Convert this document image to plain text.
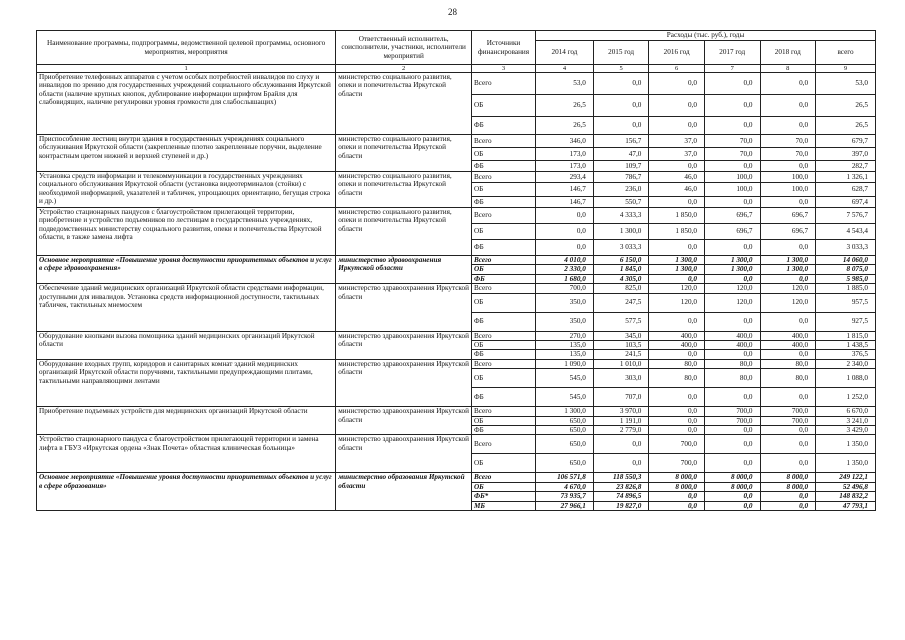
28
Наименование программы, подпрограммы, ведомственной целевой программы, основного мероприятия, мероприятия	Ответственный исполнитель, соисполнители, участники, исполнители мероприятий	Источники финансирования	Расходы (тыс. руб.), годы					
			2014 год	2015 год	2016 год	2017 год	2018 год	всего
1	2	3	4	5	6	7	8	9
Приобретение телефонных аппаратов с учетом особых потребностей инвалидов по слуху и инвалидов по зрению для государственных учреждений социального обслуживания Иркутской области (наличие крупных кнопок, дублирование информации шрифтом Брайля для слабовидящих, наличие регулировки уровня громкости для слабослышащих)	министерство социального развития, опеки и попечительства Иркутской области	Всего	53,0	0,0	0,0	0,0	0,0	53,0
		ОБ	26,5	0,0	0,0	0,0	0,0	26,5
		ФБ	26,5	0,0	0,0	0,0	0,0	26,5
Приспособление лестниц внутри здания в государственных учреждениях социального обслуживания Иркутской области (закрепленные плотно закрепленные поручни, выделение контрастным цветом нижней и верхней ступеней и др.)	министерство социального развития, опеки и попечительства Иркутской области	Всего	346,0	156,7	37,0	70,0	70,0	679,7
		ОБ	173,0	47,0	37,0	70,0	70,0	397,0
		ФБ	173,0	109,7	0,0	0,0	0,0	282,7
Установка средств информации и телекоммуникации в государственных учреждениях социального обслуживания Иркутской области (установка видеотерминалов (стойки) с необходимой информацией, указателей и табличек, упрощающих ориентацию, бегущая строка и др.)	министерство социального развития, опеки и попечительства Иркутской области	Всего	293,4	786,7	46,0	100,0	100,0	1 326,1
		ОБ	146,7	236,0	46,0	100,0	100,0	628,7
		ФБ	146,7	550,7	0,0	0,0	0,0	697,4
Устройство стационарных пандусов с благоустройством прилегающей территории, приобретение и устройство подъемников по лестницам в государственных учреждениях, подведомственных министерству социального развития, опеки и попечительства Иркутской области, в также замена лифта	министерство социального развития, опеки и попечительства Иркутской области	Всего	0,0	4 333,3	1 850,0	696,7	696,7	7 576,7
		ОБ	0,0	1 300,0	1 850,0	696,7	696,7	4 543,4
		ФБ	0,0	3 033,3	0,0	0,0	0,0	3 033,3
Основное мероприятие «Повышение уровня доступности приоритетных объектов и услуг в сфере здравоохранения»	министерство здравоохранения Иркутской области	Всего	4 010,0	6 150,0	1 300,0	1 300,0	1 300,0	14 060,0
		ОБ	2 330,0	1 845,0	1 300,0	1 300,0	1 300,0	8 075,0
		ФБ	1 680,0	4 305,0	0,0	0,0	0,0	5 985,0
Обеспечение зданий медицинских организаций Иркутской области средствами информации, доступными для инвалидов. Установка средств информационной доступности, тактильных табличек, тактильных мнемосхем	министерство здравоохранения Иркутской области	Всего	700,0	825,0	120,0	120,0	120,0	1 885,0
		ОБ	350,0	247,5	120,0	120,0	120,0	957,5
		ФБ	350,0	577,5	0,0	0,0	0,0	927,5
Оборудование кнопками вызова помощника зданий медицинских организаций Иркутской области	министерство здравоохранения Иркутской области	Всего	270,0	345,0	400,0	400,0	400,0	1 815,0
		ОБ	135,0	103,5	400,0	400,0	400,0	1 438,5
		ФБ	135,0	241,5	0,0	0,0	0,0	376,5
Оборудование входных групп, коридоров и санитарных комнат зданий медицинских организаций Иркутской области поручнями, тактильными предупреждающими плитами, тактильными направляющими лентами	министерство здравоохранения Иркутской области	Всего	1 090,0	1 010,0	80,0	80,0	80,0	2 340,0
		ОБ	545,0	303,0	80,0	80,0	80,0	1 088,0
		ФБ	545,0	707,0	0,0	0,0	0,0	1 252,0
Приобретение подъемных устройств для медицинских организаций Иркутской области	министерство здравоохранения Иркутской области	Всего	1 300,0	3 970,0	0,0	700,0	700,0	6 670,0
		ОБ	650,0	1 191,0	0,0	700,0	700,0	3 241,0
		ФБ	650,0	2 779,0	0,0	0,0	0,0	3 429,0
Устройство стационарного пандуса с благоустройством прилегающей территории и замена лифта в ГБУЗ «Иркутская ордена «Знак Почета» областная клиническая больница»	министерство здравоохранения Иркутской области	Всего	650,0	0,0	700,0	0,0	0,0	1 350,0
		ОБ	650,0	0,0	700,0	0,0	0,0	1 350,0
Основное мероприятие «Повышение уровня доступности приоритетных объектов и услуг в сфере образования»	министерство образования Иркутской области	Всего	106 571,8	118 550,3	8 000,0	8 000,0	8 000,0	249 122,1
		ОБ	4 670,0	23 826,8	8 000,0	8 000,0	8 000,0	52 496,8
		ФБ*	73 935,7	74 896,5	0,0	0,0	0,0	148 832,2
		МБ	27 966,1	19 827,0	0,0	0,0	0,0	47 793,1
